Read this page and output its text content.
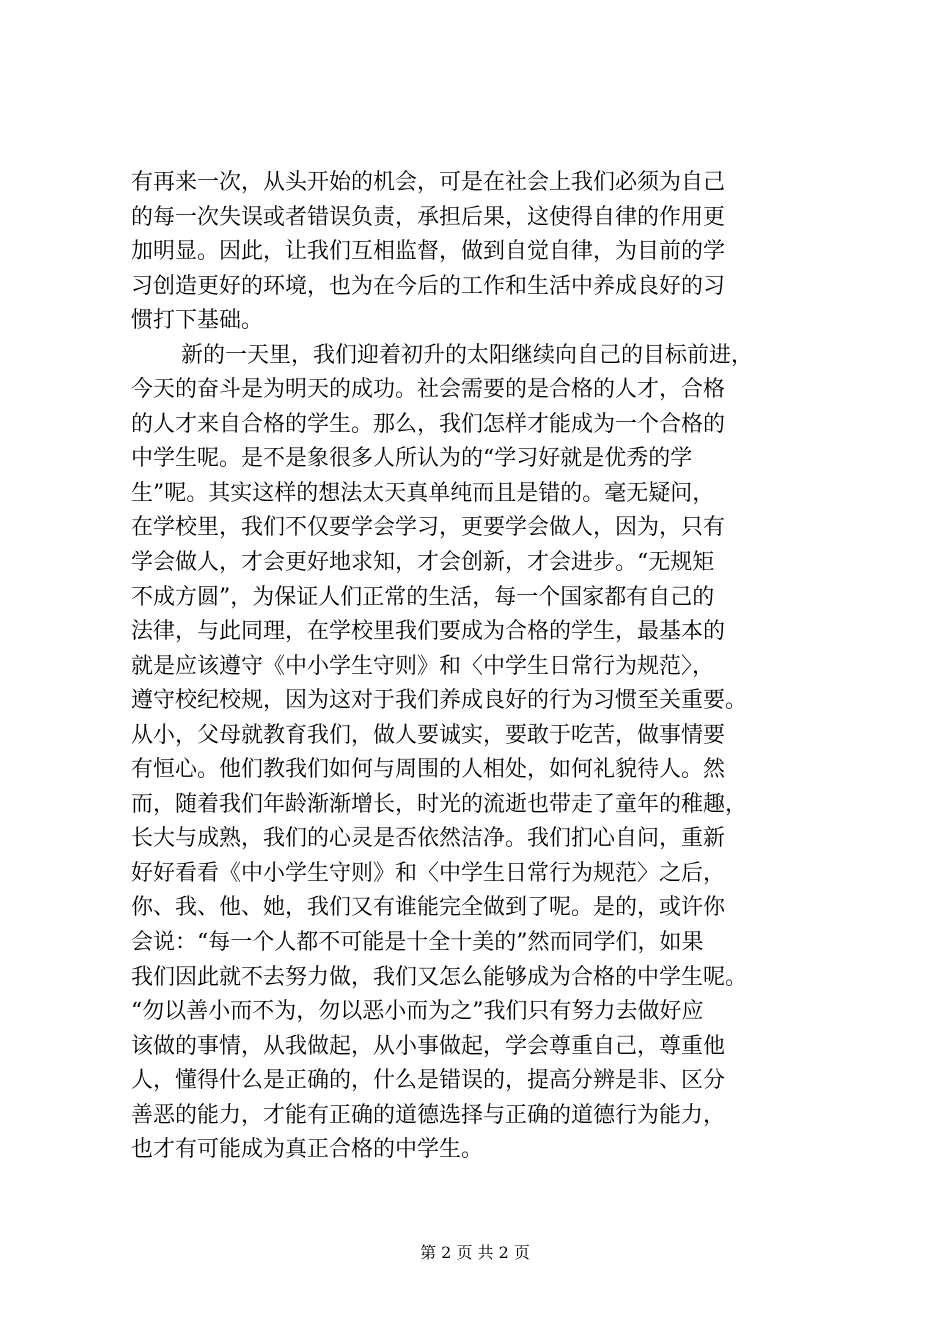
有再来一次，从头开始的机会，可是在社会上我们必须为自己
的每一次失误或者错误负责，承担后果，这使得自律的作用更
加明显。因此，让我们互相监督，做到自觉自律，为目前的学
习创造更好的环境，也为在今后的工作和生活中养成良好的习
惯打下基础。
新的一天里，我们迎着初升的太阳继续向自己的目标前进，
今天的奋斗是为明天的成功。社会需要的是合格的人才，合格
的人才来自合格的学生。那么，我们怎样才能成为一个合格的
中学生呢。是不是象很多人所认为的“学习好就是优秀的学
生”呢。其实这样的想法太天真单纯而且是错的。毫无疑问，
在学校里，我们不仅要学会学习，更要学会做人，因为，只有
学会做人，才会更好地求知，才会创新，才会进步。“无规矩
不成方圆”，为保证人们正常的生活，每一个国家都有自己的
法律，与此同理，在学校里我们要成为合格的学生，最基本的
就是应该遵守《中小学生守则》和〈中学生日常行为规范〉，
遵守校纪校规，因为这对于我们养成良好的行为习惯至关重要。
从小，父母就教育我们，做人要诚实，要敢于吃苦，做事情要
有恒心。他们教我们如何与周围的人相处，如何礼貌待人。然
而，随着我们年龄渐渐增长，时光的流逝也带走了童年的稚趣，
长大与成熟，我们的心灵是否依然洁净。我们扪心自问，重新
好好看看《中小学生守则》和〈中学生日常行为规范〉之后，
你、我、他、她，我们又有谁能完全做到了呢。是的，或许你
会说：“每一个人都不可能是十全十美的”然而同学们，如果
我们因此就不去努力做，我们又怎么能够成为合格的中学生呢。
“勿以善小而不为，勿以恶小而为之”我们只有努力去做好应
该做的事情，从我做起，从小事做起，学会尊重自己，尊重他
人，懂得什么是正确的，什么是错误的，提高分辨是非、区分
善恶的能力，才能有正确的道德选择与正确的道德行为能力，
也才有可能成为真正合格的中学生。
第 2 页 共 2 页
